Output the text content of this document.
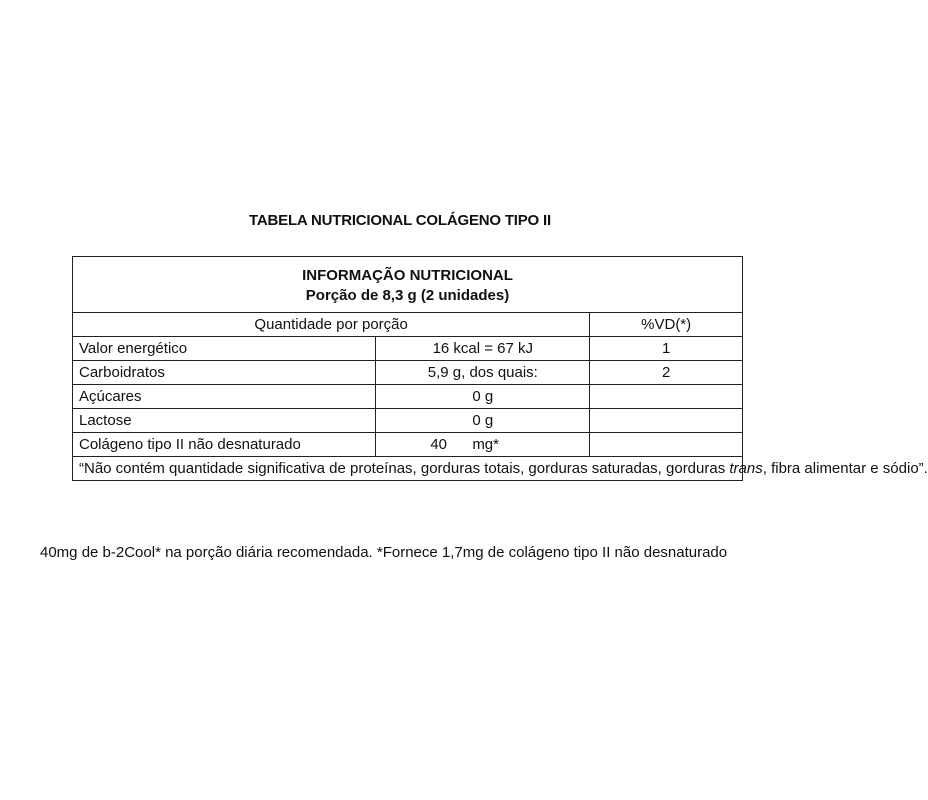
TABELA NUTRICIONAL COLÁGENO TIPO II
INFORMAÇÃO NUTRICIONAL
Porção de 8,3 g (2 unidades)		

Quantidade por porção		%VD(*)
Valor energético	16 kcal = 67 kJ	1
Carboidratos	5,9 g, dos quais:	2
Açúcares	0 g	
Lactose	0 g	
Colágeno tipo II não desnaturado	40 mg*	
“Não contém quantidade significativa de proteínas, gorduras totais, gorduras saturadas, gorduras trans, fibra alimentar e sódio”.		
40mg de b-2Cool* na porção diária recomendada. *Fornece 1,7mg de colágeno tipo II não desnaturado
